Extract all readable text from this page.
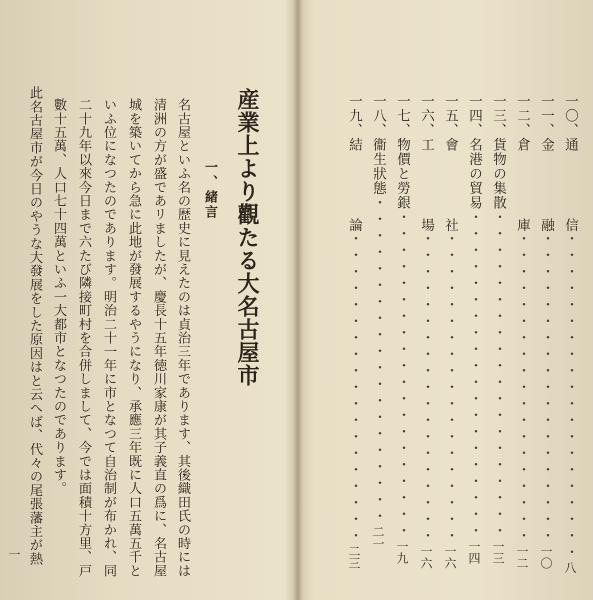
産業上より觀たる大名古屋市
一、緒言
名古屋といふ名の歴史に見えたのは貞治三年であります、其後織田氏の時には
清洲の方が盛であリましたが、慶長十五年徳川家康が其子義直の爲に、名古屋
城を築いてから急に此地が發展するやうになり、承應三年既に人口五萬五千と
いふ位になつたのであります。明治二十一年に市となつて自治制が布かれ、同
二十九年以來今日まで六たび隣接町村を合併しまして、今では面積十方里、戸
數十五萬、人口七十四萬といふ一大都市となつたのであります。
此名古屋市が今日のやうな大發展をした原因はと云へば、代々の尾張藩主が熱
一
一〇、通　　　　信・・・・・・・・・・・・・・・・・・・・八
一一、金　　　　融・・・・・・・・・・・・・・・・・・・一〇
一二、倉　　　　庫・・・・・・・・・・・・・・・・・・・一二
一三、貨物の集散・・・・・・・・・・・・・・・・・・・・一三
一四、名港の貿易・・・・・・・・・・・・・・・・・・・・一四
一五、會　　　　社・・・・・・・・・・・・・・・・・・・一六
一六、工　　　　場・・・・・・・・・・・・・・・・・・・一六
一七、物價と勞銀・・・・・・・・・・・・・・・・・・・・一九
一八、衞生狀態・・・・・・・・・・・・・・・・・・・・二一
一九、結　　　　論・・・・・・・・・・・・・・・・・・・二三
